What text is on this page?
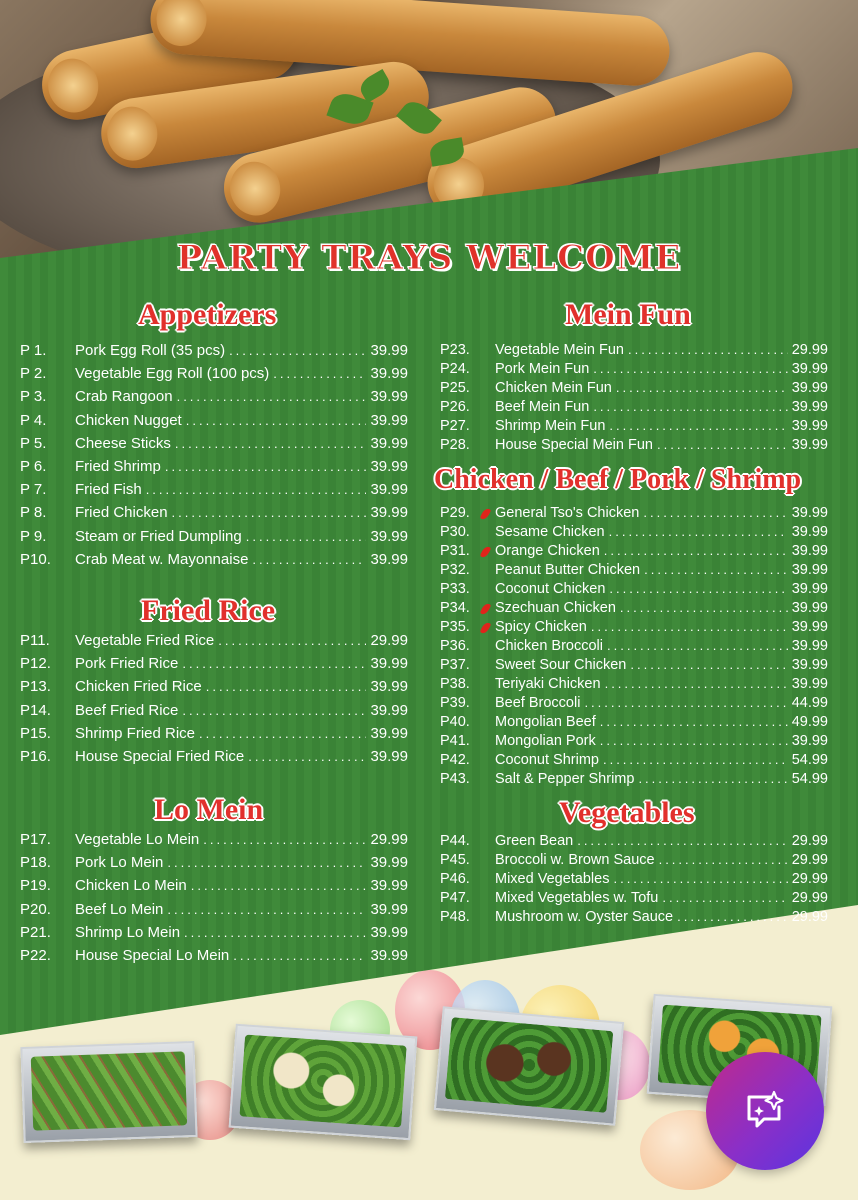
PARTY TRAYS WELCOME
Appetizers
P 1.	Pork Egg Roll (35 pcs) .....	39.99
P 2.	Vegetable Egg Roll (100 pcs) .....	39.99
P 3.	Crab Rangoon .....	39.99
P 4.	Chicken Nugget .....	39.99
P 5.	Cheese Sticks .....	39.99
P 6.	Fried Shrimp .....	39.99
P 7.	Fried Fish .....	39.99
P 8.	Fried Chicken .....	39.99
P 9.	Steam or Fried Dumpling .....	39.99
P10.	Crab Meat w. Mayonnaise .....	39.99
Fried Rice
P11.	Vegetable Fried Rice .....	29.99
P12.	Pork Fried Rice .....	39.99
P13.	Chicken Fried Rice .....	39.99
P14.	Beef Fried Rice .....	39.99
P15.	Shrimp Fried Rice .....	39.99
P16.	House Special Fried Rice .....	39.99
Lo Mein
P17.	Vegetable Lo Mein .....	29.99
P18.	Pork Lo Mein .....	39.99
P19.	Chicken Lo Mein .....	39.99
P20.	Beef Lo Mein .....	39.99
P21.	Shrimp Lo Mein .....	39.99
P22.	House Special Lo Mein .....	39.99
Mein Fun
P23.	Vegetable Mein Fun .....	29.99
P24.	Pork Mein Fun .....	39.99
P25.	Chicken Mein Fun .....	39.99
P26.	Beef Mein Fun .....	39.99
P27.	Shrimp Mein Fun .....	39.99
P28.	House Special Mein Fun .....	39.99
Chicken / Beef / Pork / Shrimp
P29.	General Tso's Chicken .....	39.99
P30.	Sesame Chicken .....	39.99
P31.	Orange Chicken .....	39.99
P32.	Peanut Butter Chicken .....	39.99
P33.	Coconut Chicken .....	39.99
P34.	Szechuan Chicken .....	39.99
P35.	Spicy Chicken .....	39.99
P36.	Chicken Broccoli .....	39.99
P37.	Sweet Sour Chicken .....	39.99
P38.	Teriyaki Chicken .....	39.99
P39.	Beef Broccoli .....	44.99
P40.	Mongolian Beef .....	49.99
P41.	Mongolian Pork .....	39.99
P42.	Coconut Shrimp .....	54.99
P43.	Salt & Pepper Shrimp .....	54.99
Vegetables
P44.	Green Bean .....	29.99
P45.	Broccoli w. Brown Sauce .....	29.99
P46.	Mixed Vegetables .....	29.99
P47.	Mixed Vegetables w. Tofu .....	29.99
P48.	Mushroom w. Oyster Sauce .....	29.99
